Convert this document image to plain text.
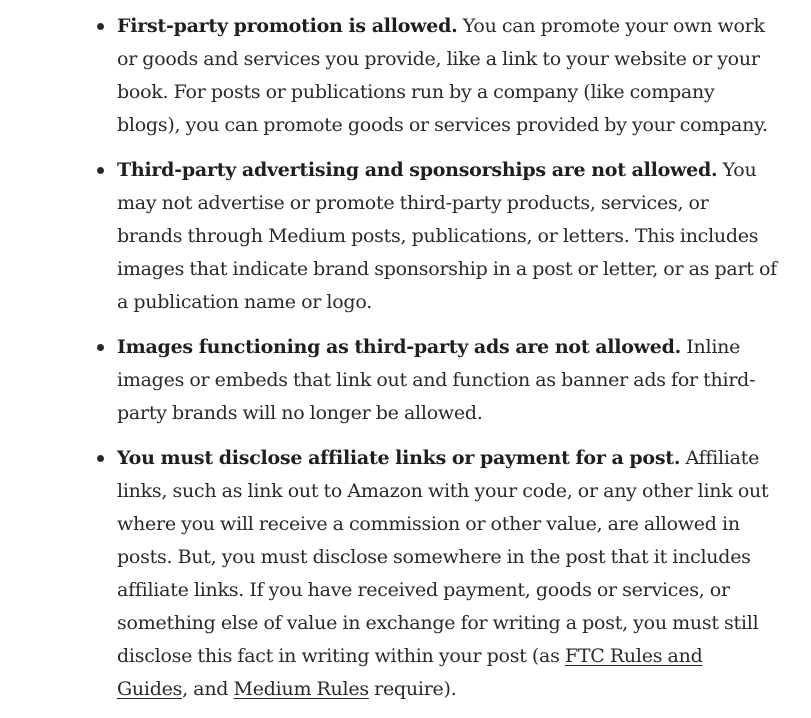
First-party promotion is allowed. You can promote your own work or goods and services you provide, like a link to your website or your book. For posts or publications run by a company (like company blogs), you can promote goods or services provided by your company.
Third-party advertising and sponsorships are not allowed. You may not advertise or promote third-party products, services, or brands through Medium posts, publications, or letters. This includes images that indicate brand sponsorship in a post or letter, or as part of a publication name or logo.
Images functioning as third-party ads are not allowed. Inline images or embeds that link out and function as banner ads for third-party brands will no longer be allowed.
You must disclose affiliate links or payment for a post. Affiliate links, such as link out to Amazon with your code, or any other link out where you will receive a commission or other value, are allowed in posts. But, you must disclose somewhere in the post that it includes affiliate links. If you have received payment, goods or services, or something else of value in exchange for writing a post, you must still disclose this fact in writing within your post (as FTC Rules and Guides, and Medium Rules require).
